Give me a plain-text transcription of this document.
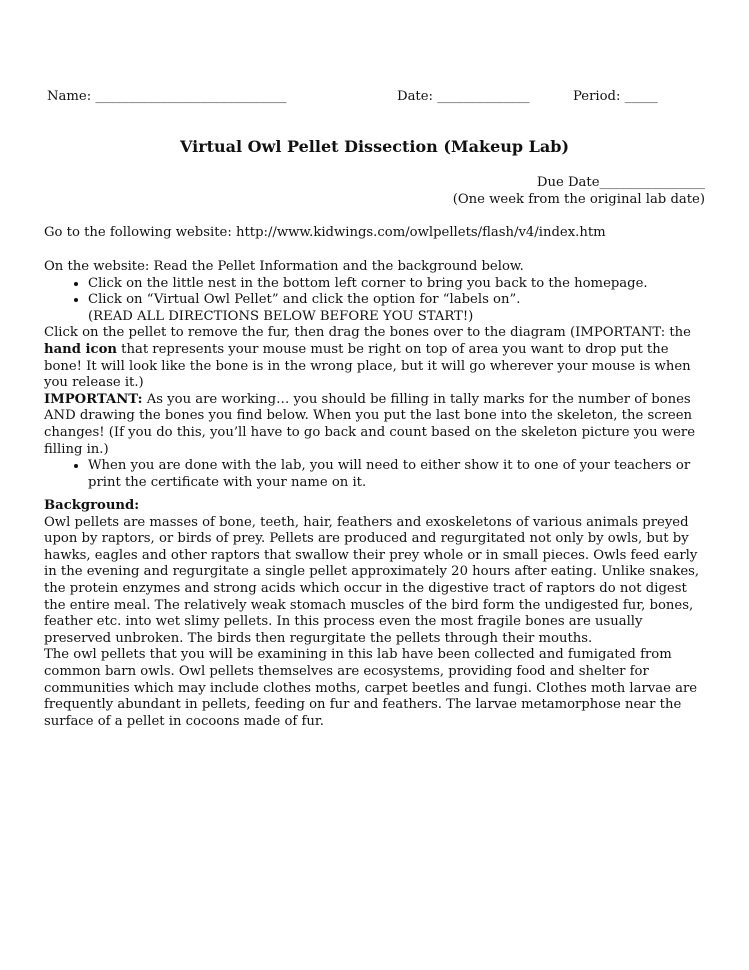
Name: _____________________________	Date: ______________	Period: _____
Virtual Owl Pellet Dissection (Makeup Lab)
Due Date________________
(One week from the original lab date)
Go to the following website: http://www.kidwings.com/owlpellets/flash/v4/index.htm

On the website: Read the Pellet Information and the background below.

• Click on the little nest in the bottom left corner to bring you back to the homepage.
• Click on “Virtual Owl Pellet” and click the option for “labels on”.

(READ ALL DIRECTIONS BELOW BEFORE YOU START!)

Click on the pellet to remove the fur, then drag the bones over to the diagram (IMPORTANT: the hand icon that represents your mouse must be right on top of area you want to drop put the bone! It will look like the bone is in the wrong place, but it will go wherever your mouse is when you release it.)

IMPORTANT: As you are working… you should be filling in tally marks for the number of bones AND drawing the bones you find below. When you put the last bone into the skeleton, the screen changes! (If you do this, you’ll have to go back and count based on the skeleton picture you were filling in.)

• When you are done with the lab, you will need to either show it to one of your teachers or print the certificate with your name on it.

Background:

Owl pellets are masses of bone, teeth, hair, feathers and exoskeletons of various animals preyed upon by raptors, or birds of prey. Pellets are produced and regurgitated not only by owls, but by hawks, eagles and other raptors that swallow their prey whole or in small pieces. Owls feed early in the evening and regurgitate a single pellet approximately 20 hours after eating. Unlike snakes, the protein enzymes and strong acids which occur in the digestive tract of raptors do not digest the entire meal. The relatively weak stomach muscles of the bird form the undigested fur, bones, feather etc. into wet slimy pellets. In this process even the most fragile bones are usually preserved unbroken. The birds then regurgitate the pellets through their mouths.

The owl pellets that you will be examining in this lab have been collected and fumigated from common barn owls. Owl pellets themselves are ecosystems, providing food and shelter for communities which may include clothes moths, carpet beetles and fungi. Clothes moth larvae are frequently abundant in pellets, feeding on fur and feathers. The larvae metamorphose near the surface of a pellet in cocoons made of fur.
